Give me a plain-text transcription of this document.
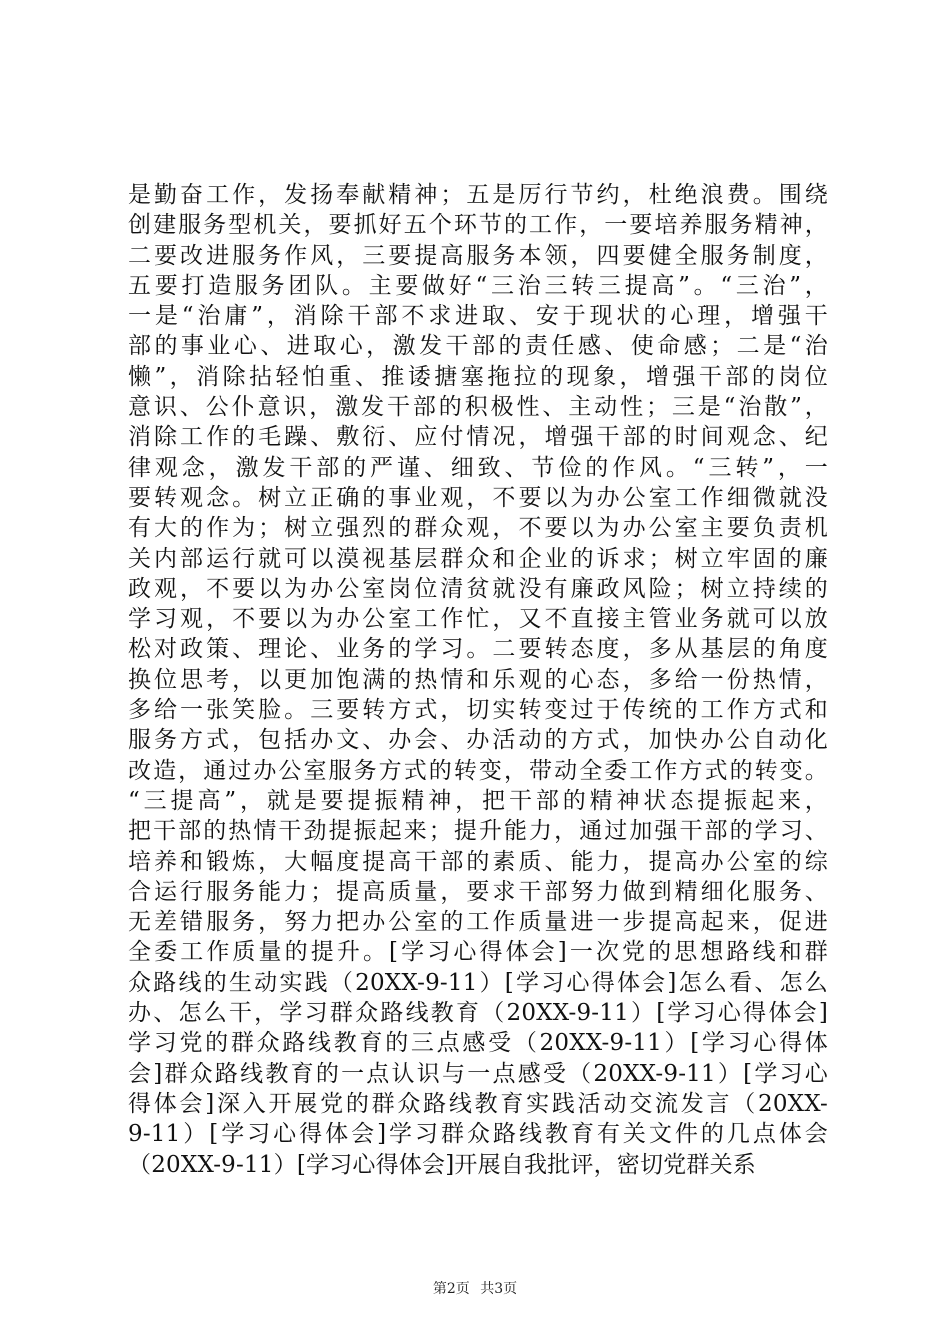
是勤奋工作，发扬奉献精神；五是厉行节约，杜绝浪费。围绕
创建服务型机关，要抓好五个环节的工作，一要培养服务精神，
二要改进服务作风，三要提高服务本领，四要健全服务制度，
五要打造服务团队。主要做好“三治三转三提高”。“三治”，
一是“治庸”，消除干部不求进取、安于现状的心理，增强干
部的事业心、进取心，激发干部的责任感、使命感；二是“治
懒”，消除拈轻怕重、推诿搪塞拖拉的现象，增强干部的岗位
意识、公仆意识，激发干部的积极性、主动性；三是“治散”，
消除工作的毛躁、敷衍、应付情况，增强干部的时间观念、纪
律观念，激发干部的严谨、细致、节俭的作风。“三转”，一
要转观念。树立正确的事业观，不要以为办公室工作细微就没
有大的作为；树立强烈的群众观，不要以为办公室主要负责机
关内部运行就可以漠视基层群众和企业的诉求；树立牢固的廉
政观，不要以为办公室岗位清贫就没有廉政风险；树立持续的
学习观，不要以为办公室工作忙，又不直接主管业务就可以放
松对政策、理论、业务的学习。二要转态度，多从基层的角度
换位思考，以更加饱满的热情和乐观的心态，多给一份热情，
多给一张笑脸。三要转方式，切实转变过于传统的工作方式和
服务方式，包括办文、办会、办活动的方式，加快办公自动化
改造，通过办公室服务方式的转变，带动全委工作方式的转变。
“三提高”，就是要提振精神，把干部的精神状态提振起来，
把干部的热情干劲提振起来；提升能力，通过加强干部的学习、
培养和锻炼，大幅度提高干部的素质、能力，提高办公室的综
合运行服务能力；提高质量，要求干部努力做到精细化服务、
无差错服务，努力把办公室的工作质量进一步提高起来，促进
全委工作质量的提升。[学习心得体会]一次党的思想路线和群
众路线的生动实践（20XX-9-11）[学习心得体会]怎么看、怎么
办、怎么干，学习群众路线教育（20XX-9-11）[学习心得体会]
学习党的群众路线教育的三点感受（20XX-9-11）[学习心得体
会]群众路线教育的一点认识与一点感受（20XX-9-11）[学习心
得体会]深入开展党的群众路线教育实践活动交流发言（20XX-
9-11）[学习心得体会]学习群众路线教育有关文件的几点体会
（20XX-9-11）[学习心得体会]开展自我批评，密切党群关系
第2页 共3页
